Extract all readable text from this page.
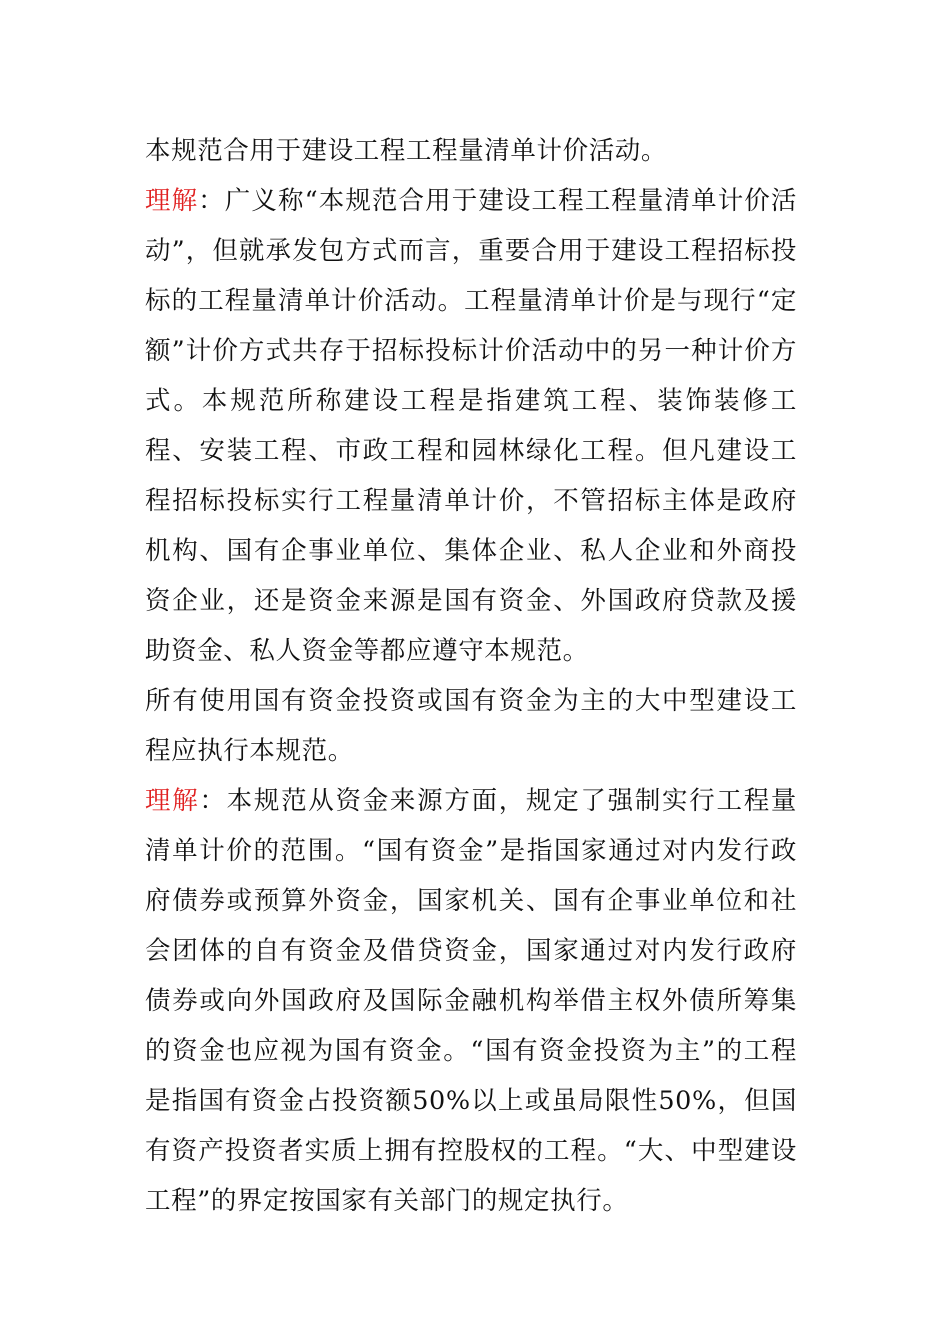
本规范合用于建设工程工程量清单计价活动。

理解：广义称“本规范合用于建设工程工程量清单计价活动”，但就承发包方式而言，重要合用于建设工程招标投标的工程量清单计价活动。工程量清单计价是与现行“定额”计价方式共存于招标投标计价活动中的另一种计价方式。本规范所称建设工程是指建筑工程、装饰装修工程、安装工程、市政工程和园林绿化工程。但凡建设工程招标投标实行工程量清单计价，不管招标主体是政府机构、国有企事业单位、集体企业、私人企业和外商投资企业，还是资金来源是国有资金、外国政府贷款及援助资金、私人资金等都应遵守本规范。

所有使用国有资金投资或国有资金为主的大中型建设工程应执行本规范。

理解：本规范从资金来源方面，规定了强制实行工程量清单计价的范围。“国有资金”是指国家通过对内发行政府债券或预算外资金，国家机关、国有企事业单位和社会团体的自有资金及借贷资金，国家通过对内发行政府债券或向外国政府及国际金融机构举借主权外债所筹集的资金也应视为国有资金。“国有资金投资为主”的工程是指国有资金占投资额50%以上或虽局限性50%，但国有资产投资者实质上拥有控股权的工程。“大、中型建设工程”的界定按国家有关部门的规定执行。
